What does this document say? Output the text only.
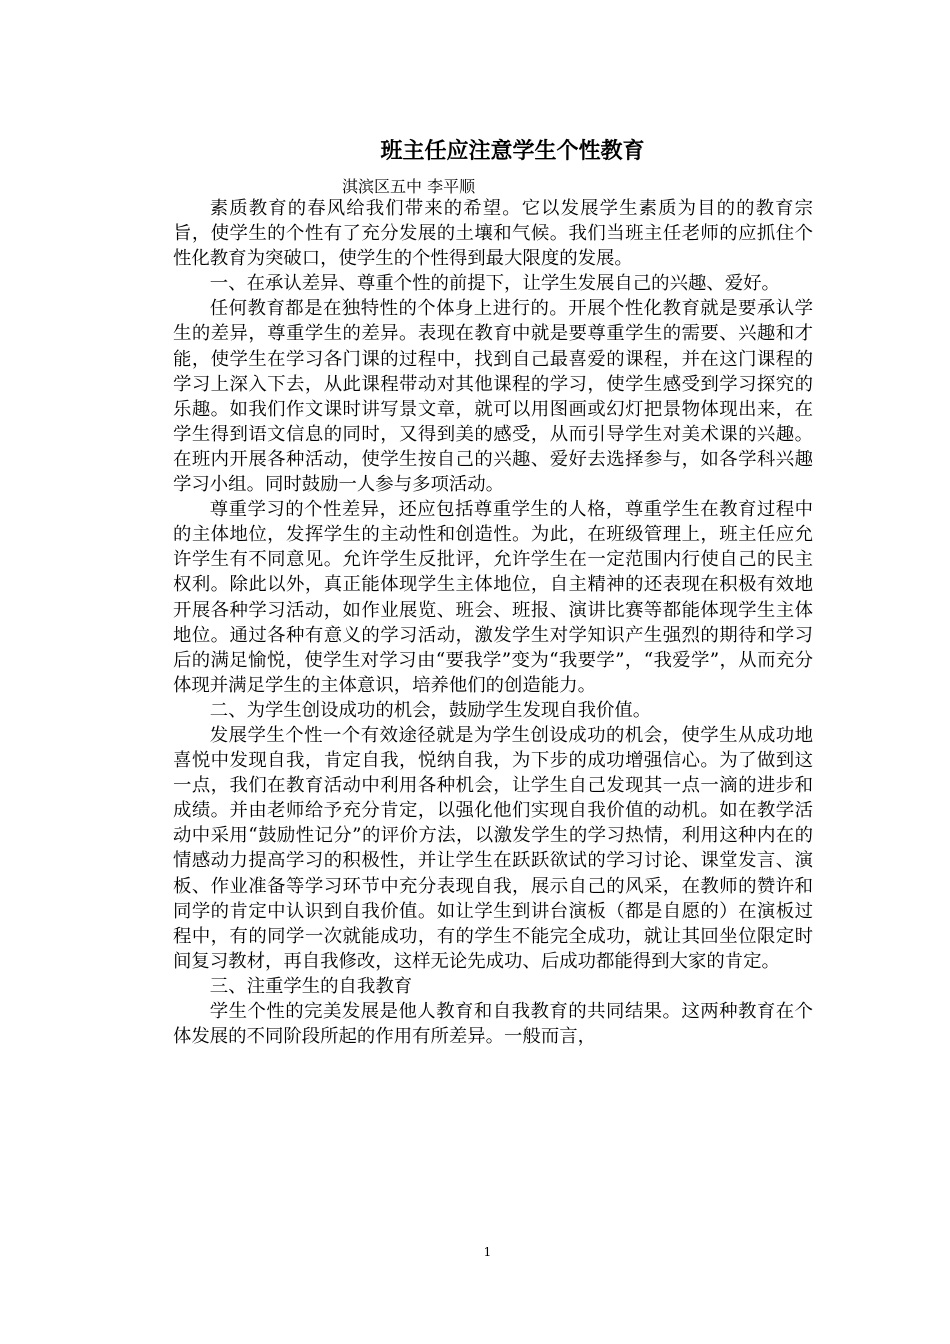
班主任应注意学生个性教育

淇滨区五中 李平顺

素质教育的春风给我们带来的希望。它以发展学生素质为目的的教育宗旨，使学生的个性有了充分发展的土壤和气候。我们当班主任老师的应抓住个性化教育为突破口，使学生的个性得到最大限度的发展。

一、在承认差异、尊重个性的前提下，让学生发展自己的兴趣、爱好。

任何教育都是在独特性的个体身上进行的。开展个性化教育就是要承认学生的差异，尊重学生的差异。表现在教育中就是要尊重学生的需要、兴趣和才能，使学生在学习各门课的过程中，找到自己最喜爱的课程，并在这门课程的学习上深入下去，从此课程带动对其他课程的学习，使学生感受到学习探究的乐趣。如我们作文课时讲写景文章，就可以用图画或幻灯把景物体现出来，在学生得到语文信息的同时，又得到美的感受，从而引导学生对美术课的兴趣。在班内开展各种活动，使学生按自己的兴趣、爱好去选择参与，如各学科兴趣学习小组。同时鼓励一人参与多项活动。

尊重学习的个性差异，还应包括尊重学生的人格，尊重学生在教育过程中的主体地位，发挥学生的主动性和创造性。为此，在班级管理上，班主任应允许学生有不同意见。允许学生反批评，允许学生在一定范围内行使自己的民主权利。除此以外，真正能体现学生主体地位，自主精神的还表现在积极有效地开展各种学习活动，如作业展览、班会、班报、演讲比赛等都能体现学生主体地位。通过各种有意义的学习活动，激发学生对学知识产生强烈的期待和学习后的满足愉悦，使学生对学习由“要我学”变为“我要学”，“我爱学”，从而充分体现并满足学生的主体意识，培养他们的创造能力。

二、为学生创设成功的机会，鼓励学生发现自我价值。

发展学生个性一个有效途径就是为学生创设成功的机会，使学生从成功地喜悦中发现自我，肯定自我，悦纳自我，为下步的成功增强信心。为了做到这一点，我们在教育活动中利用各种机会，让学生自己发现其一点一滴的进步和成绩。并由老师给予充分肯定，以强化他们实现自我价值的动机。如在教学活动中采用“鼓励性记分”的评价方法，以激发学生的学习热情，利用这种内在的情感动力提高学习的积极性，并让学生在跃跃欲试的学习讨论、课堂发言、演板、作业准备等学习环节中充分表现自我，展示自己的风采，在教师的赞许和同学的肯定中认识到自我价值。如让学生到讲台演板（都是自愿的）在演板过程中，有的同学一次就能成功，有的学生不能完全成功，就让其回坐位限定时间复习教材，再自我修改，这样无论先成功、后成功都能得到大家的肯定。

三、注重学生的自我教育

学生个性的完美发展是他人教育和自我教育的共同结果。这两种教育在个体发展的不同阶段所起的作用有所差异。一般而言，

1
